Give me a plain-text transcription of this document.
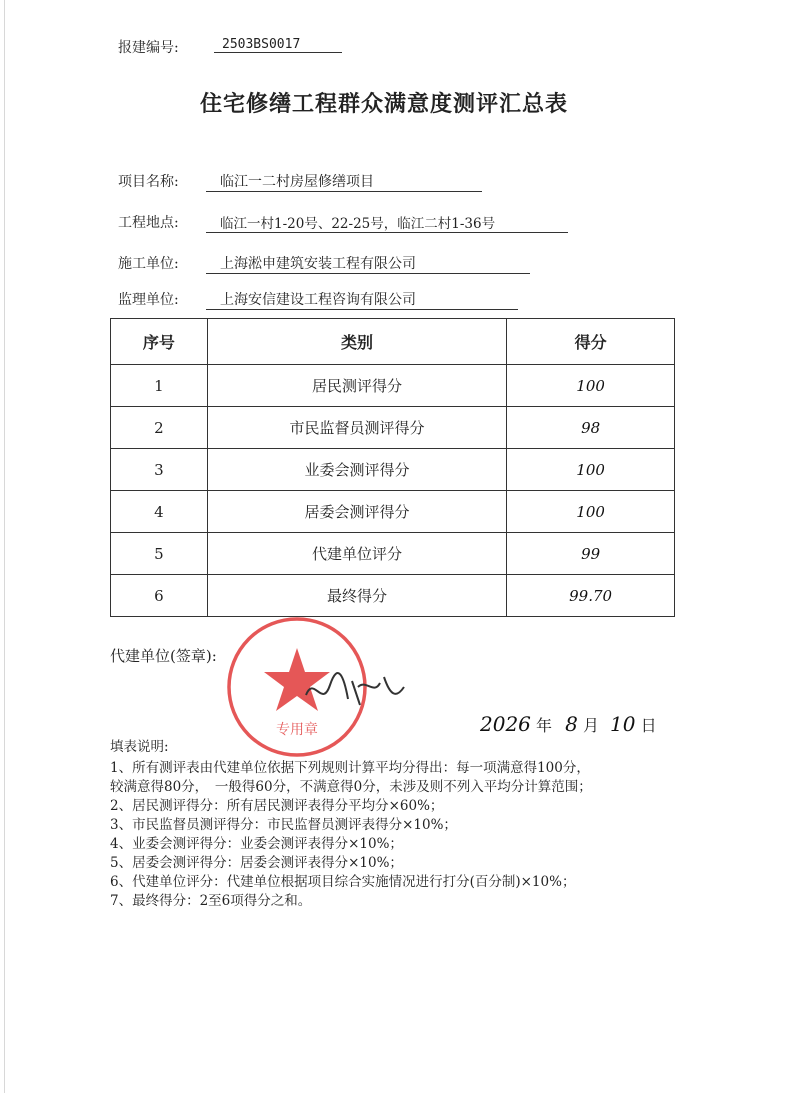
报建编号:	2503BS0017
住宅修缮工程群众满意度测评汇总表
项目名称:	临江一二村房屋修缮项目
工程地点:	临江一村1-20号、22-25号，临江二村1-36号
施工单位:	上海淞申建筑安装工程有限公司
监理单位:	上海安信建设工程咨询有限公司
序号	类别	得分
1	居民测评得分	100
2	市民监督员测评得分	98
3	业委会测评得分	100
4	居委会测评得分	100
5	代建单位评分	99
6	最终得分	99.70
代建单位(签章):
专用章	2026 年 8 月 10 日
填表说明:
1、所有测评表由代建单位依据下列规则计算平均分得出：每一项满意得100分，
较满意得80分，　一般得60分，不满意得0分，未涉及则不列入平均分计算范围；
2、居民测评得分：所有居民测评表得分平均分×60%；
3、市民监督员测评得分：市民监督员测评表得分×10%；
4、业委会测评得分：业委会测评表得分×10%；
5、居委会测评得分：居委会测评表得分×10%；
6、代建单位评分：代建单位根据项目综合实施情况进行打分(百分制)×10%；
7、最终得分：2至6项得分之和。
